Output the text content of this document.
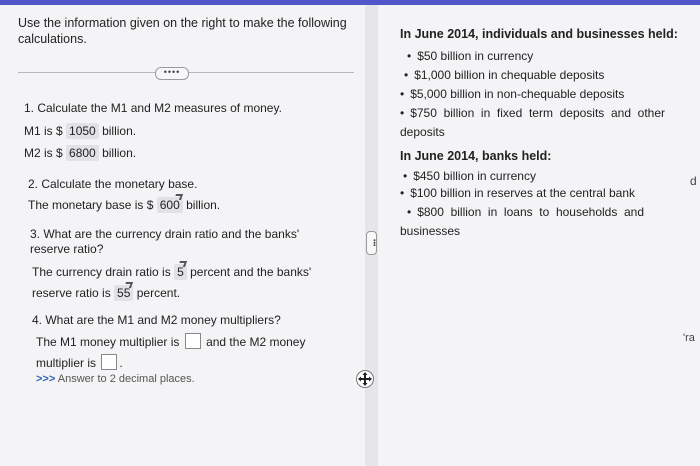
Use the information given on the right to make the following calculations.
••••
1. Calculate the M1 and M2 measures of money.
M1 is $ 1050 billion.
M2 is $ 6800 billion.
2. Calculate the monetary base.
The monetary base is $ 600 billion.
3. What are the currency drain ratio and the banks'
reserve ratio?
The currency drain ratio is 5 percent and the banks'
reserve ratio is 55 percent.
4. What are the M1 and M2 money multipliers?
The M1 money multiplier is and the M2 money
multiplier is .
>>> Answer to 2 decimal places.
•••
In June 2014, individuals and businesses held:
• $50 billion in currency
• $1,000 billion in chequable deposits
• $5,000 billion in non-chequable deposits
• $750  billion  in  fixed  term  deposits  and  other
deposits
In June 2014, banks held:
• $450 billion in currency
• $100 billion in reserves at the central bank
• $800  billion  in  loans  to  households  and
businesses
d
'ra
